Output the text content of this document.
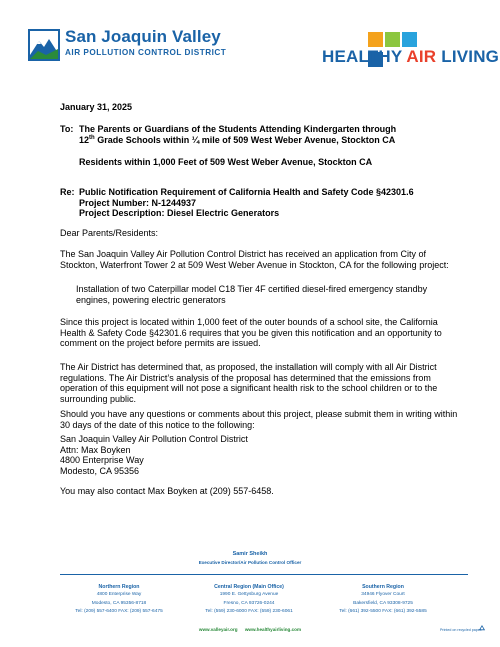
San Joaquin Valley
AIR POLLUTION CONTROL DISTRICT	HEALTHY AIR LIVING
January 31, 2025
To: The Parents or Guardians of the Students Attending Kindergarten through
12th Grade Schools within ¼ mile of 509 West Weber Avenue, Stockton CA
Residents within 1,000 Feet of 509 West Weber Avenue, Stockton CA
Re: Public Notification Requirement of California Health and Safety Code §42301.6
Project Number: N-1244937
Project Description: Diesel Electric Generators
Dear Parents/Residents:
The San Joaquin Valley Air Pollution Control District has received an application from City of Stockton, Waterfront Tower 2 at 509 West Weber Avenue in Stockton, CA for the following project:
Installation of two Caterpillar model C18 Tier 4F certified diesel-fired emergency standby engines, powering electric generators
Since this project is located within 1,000 feet of the outer bounds of a school site, the California Health & Safety Code §42301.6 requires that you be given this notification and an opportunity to comment on the project before permits are issued.
The Air District has determined that, as proposed, the installation will comply with all Air District regulations. The Air District’s analysis of the proposal has determined that the emissions from operation of this equipment will not pose a significant health risk to the school children or to the surrounding public.
Should you have any questions or comments about this project, please submit them in writing within 30 days of the date of this notice to the following:
San Joaquin Valley Air Pollution Control District
Attn: Max Boyken
4800 Enterprise Way
Modesto, CA 95356
You may also contact Max Boyken at (209) 557-6458.
Samir Sheikh
Executive Director/Air Pollution Control Officer
Northern Region
4800 Enterprise Way
Modesto, CA 95356-8718
Tel: (209) 557-6400 FAX: (209) 557-6475
Central Region (Main Office)
1990 E. Gettysburg Avenue
Fresno, CA 93726-0244
Tel: (559) 230-6000 FAX: (559) 230-6061
Southern Region
34946 Flyover Court
Bakersfield, CA 93308-9725
Tel: (661) 392-5500 FAX: (661) 392-5585
www.valleyair.org www.healthyairliving.com	Printed on recycled paper.
